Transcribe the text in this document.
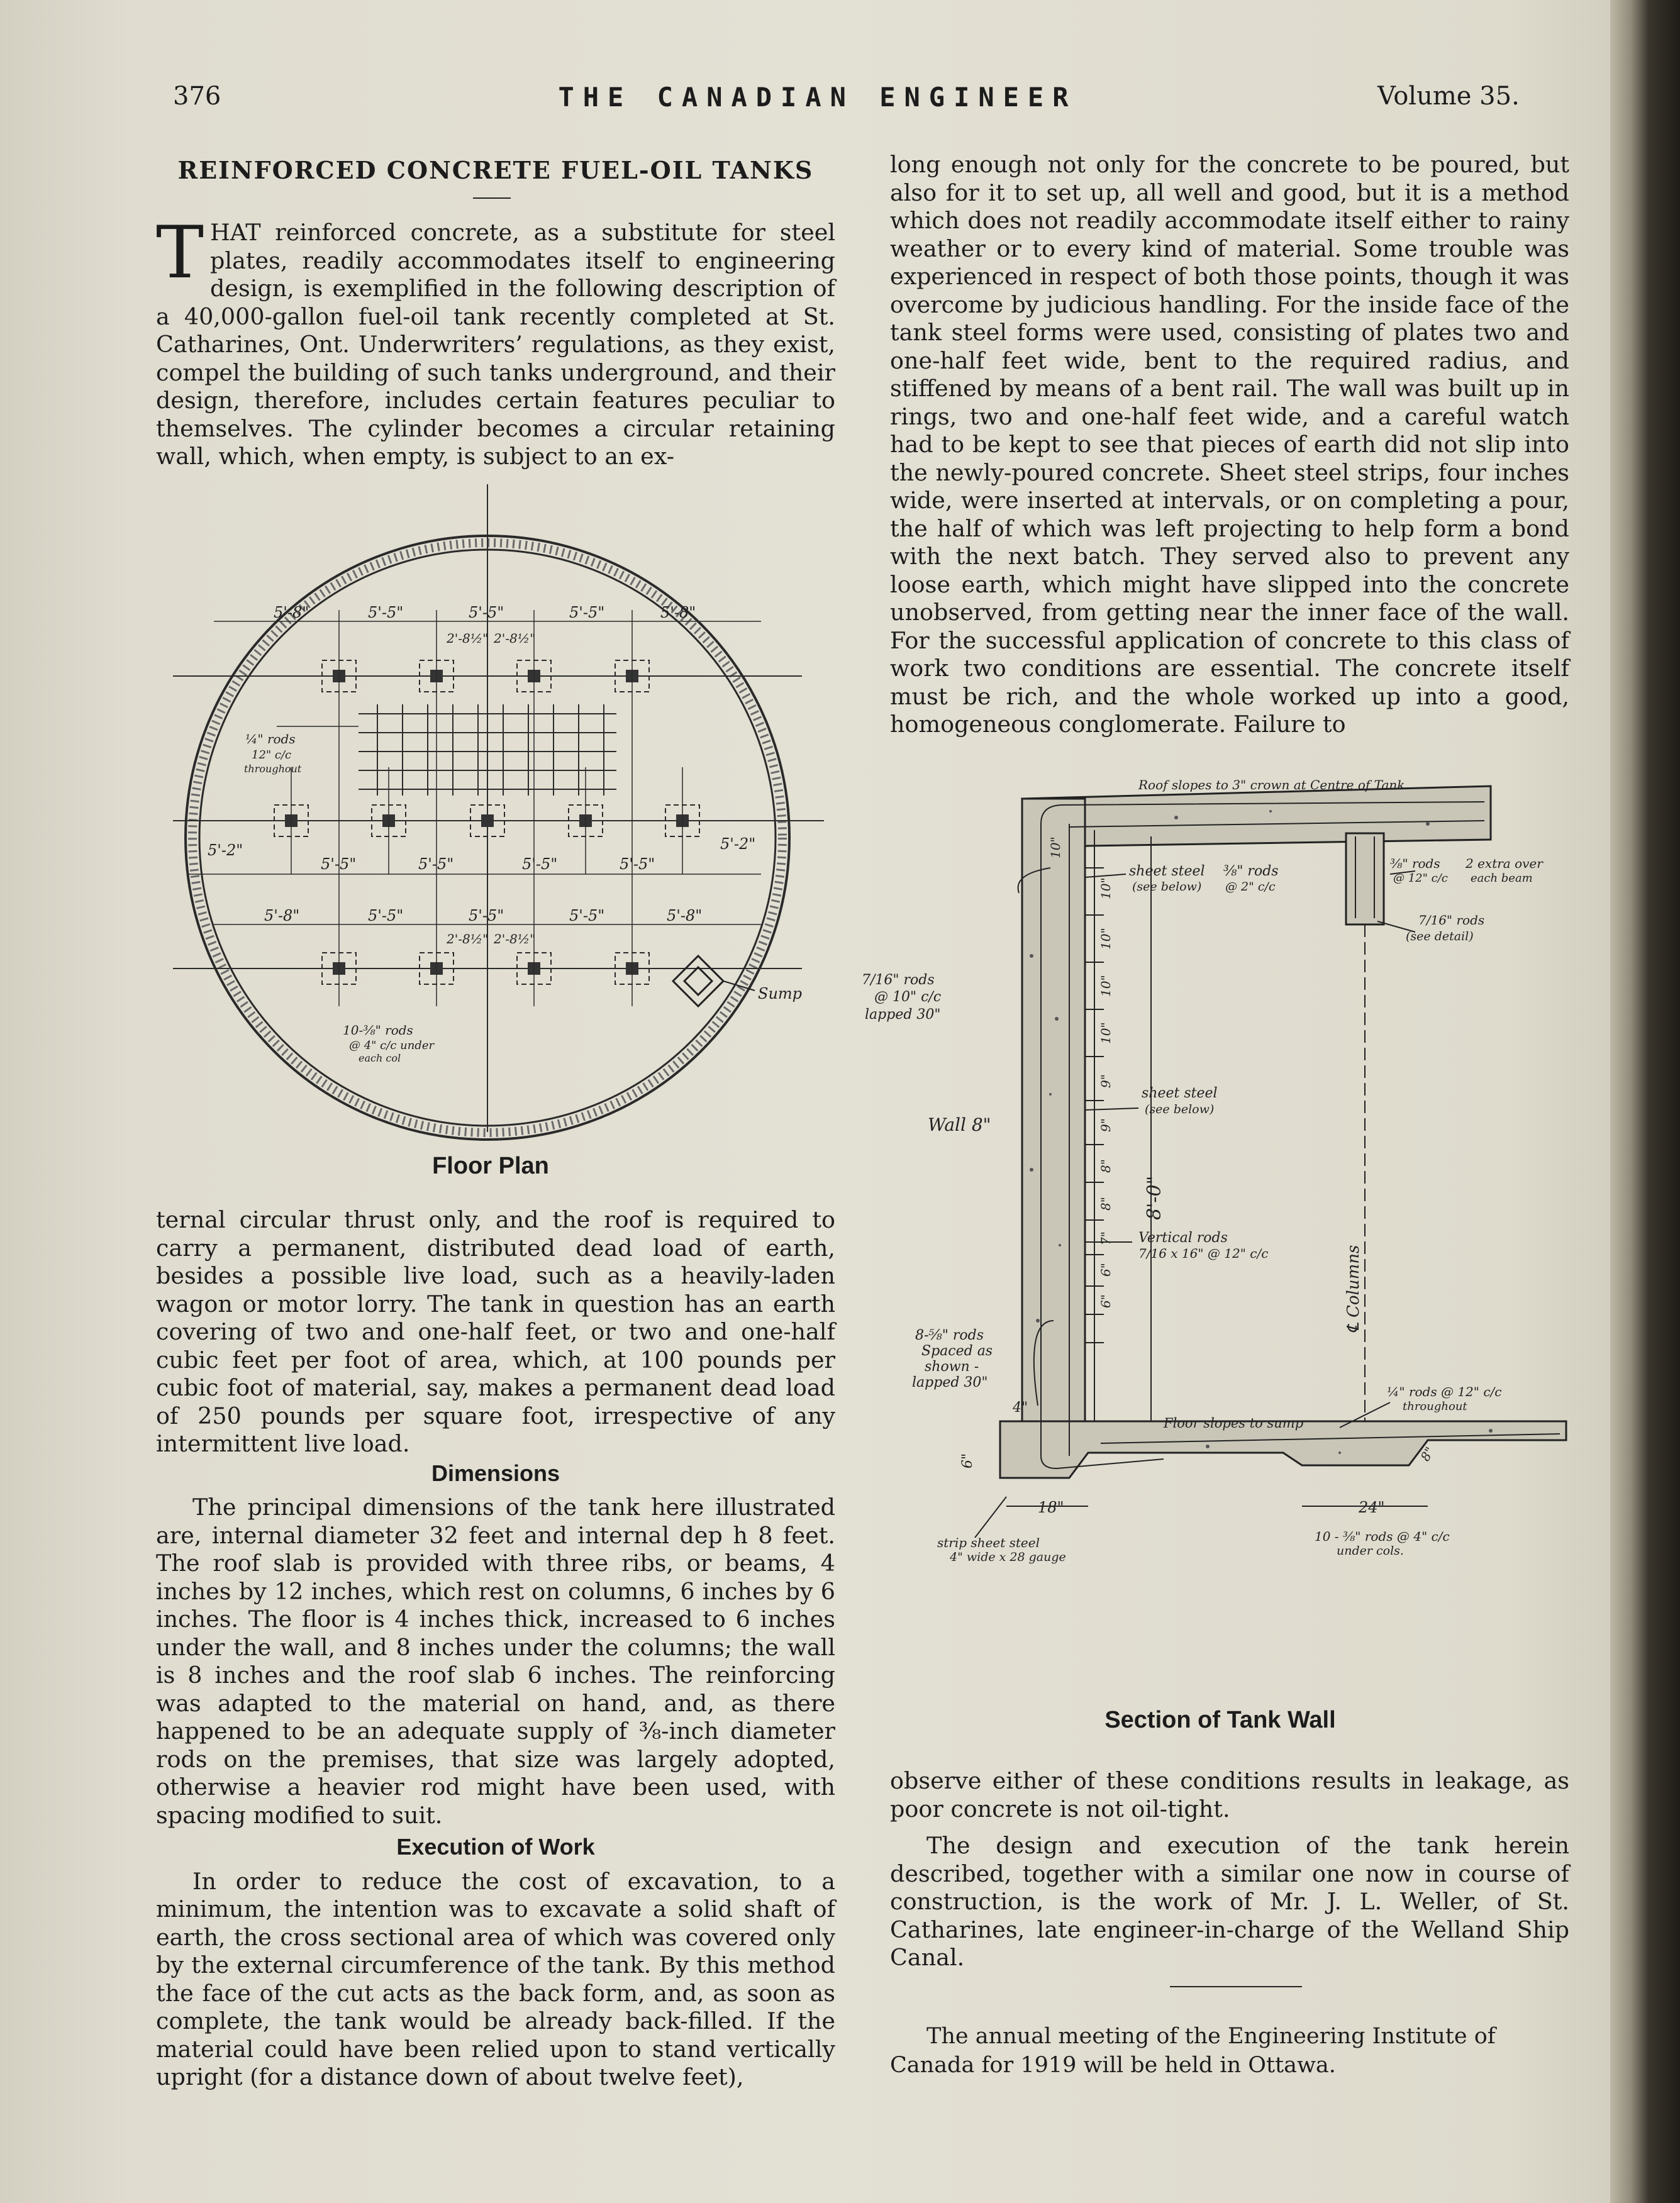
376	THE CANADIAN ENGINEER	Volume 35.
REINFORCED CONCRETE FUEL-OIL TANKS
T HAT reinforced concrete, as a substitute for steel plates, readily accommodates itself to engineering design, is exemplified in the following description of a 40,000-gallon fuel-oil tank recently completed at St. Catharines, Ont. Underwriters’ regulations, as they exist, compel the building of such tanks underground, and their design, therefore, includes certain features peculiar to themselves. The cylinder becomes a circular retaining wall, which, when empty, is subject to an ex-
5'-8"	5'-5"	5'-5"	5'-5"	5'-8"
2'-8½" 2'-8½"
5'-2"
5'-5"	5'-5"	5'-5"	5'-5"
5'-2"
5'-8"	5'-5"	5'-5"	5'-5"	5'-8"
2'-8½" 2'-8½"
¼" rods
12" c/c
throughout
10-⅜" rods
@ 4" c/c under
each col
Sump
Floor Plan

ternal circular thrust only, and the roof is required to carry a permanent, distributed dead load of earth, besides a possible live load, such as a heavily-laden wagon or motor lorry. The tank in question has an earth covering of two and one-half feet, or two and one-half cubic feet per foot of area, which, at 100 pounds per cubic foot of material, say, makes a permanent dead load of 250 pounds per square foot, irrespective of any intermittent live load.

Dimensions

The principal dimensions of the tank here illustrated are, internal diameter 32 feet and internal dep h 8 feet. The roof slab is provided with three ribs, or beams, 4 inches by 12 inches, which rest on columns, 6 inches by 6 inches. The floor is 4 inches thick, increased to 6 inches under the wall, and 8 inches under the columns; the wall is 8 inches and the roof slab 6 inches. The reinforcing was adapted to the material on hand, and, as there happened to be an adequate supply of ⅜-inch diameter rods on the premises, that size was largely adopted, otherwise a heavier rod might have been used, with spacing modified to suit.

Execution of Work

In order to reduce the cost of excavation, to a minimum, the intention was to excavate a solid shaft of earth, the cross sectional area of which was covered only by the external circumference of the tank. By this method the face of the cut acts as the back form, and, as soon as complete, the tank would be already back-filled. If the material could have been relied upon to stand vertically upright (for a distance down of about twelve feet),

long enough not only for the concrete to be poured, but also for it to set up, all well and good, but it is a method which does not readily accommodate itself either to rainy weather or to every kind of material. Some trouble was experienced in respect of both those points, though it was overcome by judicious handling. For the inside face of the tank steel forms were used, consisting of plates two and one-half feet wide, bent to the required radius, and stiffened by means of a bent rail. The wall was built up in rings, two and one-half feet wide, and a careful watch had to be kept to see that pieces of earth did not slip into the newly-poured concrete. Sheet steel strips, four inches wide, were inserted at intervals, or on completing a pour, the half of which was left projecting to help form a bond with the next batch. They served also to prevent any loose earth, which might have slipped into the concrete unobserved, from getting near the inner face of the wall. For the successful application of concrete to this class of work two conditions are essential. The concrete itself must be rich, and the whole worked up into a good, homogeneous conglomerate. Failure to

Roof slopes to 3" crown at Centre of Tank
sheet steel
(see below)
⅜" rods
@ 2" c/c
⅜" rods
@ 12" c/c
2 extra over
each beam
7/16" rods
(see detail)
7/16" rods
@ 10" c/c
lapped 30"
Wall 8"
sheet steel
(see below)
Vertical rods
7/16 x 16" @ 12" c/c
8-⅝" rods
Spaced as
shown -
lapped 30"
8'-0"
℄ Columns
¼" rods @ 12" c/c
throughout
Floor slopes to sump
10"
10"
10"
10"
10"
9"
9"
8"
8"
7"
6"
6"
4"
6"	8"
18"	24"
strip sheet steel
4" wide x 28 gauge
10 - ⅜" rods @ 4" c/c
under cols.
Section of Tank Wall

observe either of these conditions results in leakage, as poor concrete is not oil-tight.

The design and execution of the tank herein described, together with a similar one now in course of construction, is the work of Mr. J. L. Weller, of St. Catharines, late engineer-in-charge of the Welland Ship Canal.

The annual meeting of the Engineering Institute of Canada for 1919 will be held in Ottawa.
